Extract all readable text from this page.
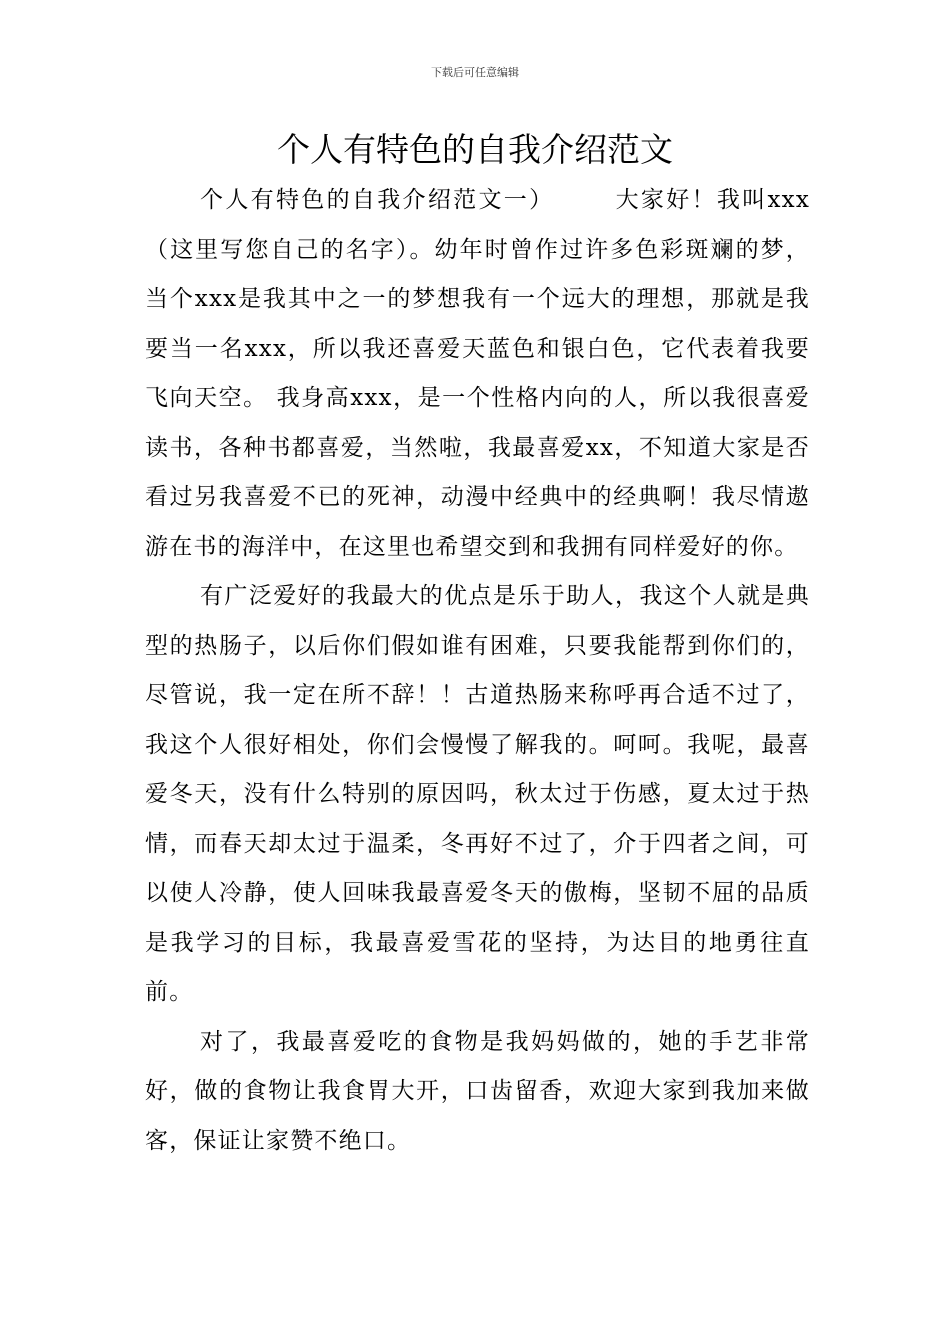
下载后可任意编辑
个人有特色的自我介绍范文

个人有特色的自我介绍范文一）	大家好！我叫xxx（这里写您自己的名字）。幼年时曾作过许多色彩斑斓的梦，当个xxx是我其中之一的梦想我有一个远大的理想，那就是我要当一名xxx，所以我还喜爱天蓝色和银白色，它代表着我要飞向天空。 我身高xxx，是一个性格内向的人，所以我很喜爱读书，各种书都喜爱，当然啦，我最喜爱xx，不知道大家是否看过另我喜爱不已的死神，动漫中经典中的经典啊！我尽情遨游在书的海洋中，在这里也希望交到和我拥有同样爱好的你。

有广泛爱好的我最大的优点是乐于助人，我这个人就是典型的热肠子，以后你们假如谁有困难，只要我能帮到你们的，尽管说，我一定在所不辞！！古道热肠来称呼再合适不过了，我这个人很好相处，你们会慢慢了解我的。呵呵。我呢，最喜爱冬天，没有什么特别的原因吗，秋太过于伤感，夏太过于热情，而春天却太过于温柔，冬再好不过了，介于四者之间，可以使人冷静，使人回味我最喜爱冬天的傲梅，坚韧不屈的品质是我学习的目标，我最喜爱雪花的坚持，为达目的地勇往直前。

对了，我最喜爱吃的食物是我妈妈做的，她的手艺非常好，做的食物让我食胃大开，口齿留香，欢迎大家到我加来做客，保证让家赞不绝口。
